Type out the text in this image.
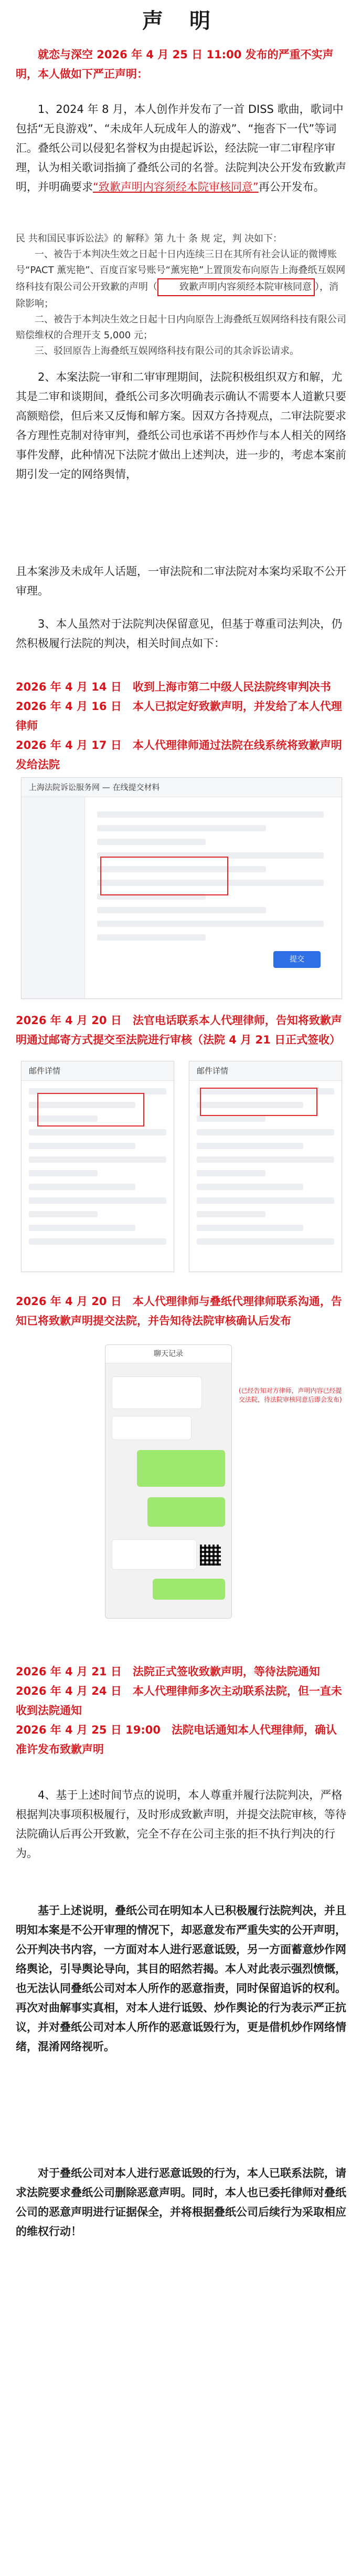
声 明
就恋与深空 2026 年 4 月 25 日 11:00 发布的严重不实声明，本人做如下严正声明：
1、2024 年 8 月，本人创作并发布了一首 DISS 歌曲，歌词中包括“无良游戏”、“未成年人玩成年人的游戏”、“拖沓下一代”等词汇。叠纸公司以侵犯名誉权为由提起诉讼，经法院一审二审程序审理，认为相关歌词指摘了叠纸公司的名誉。法院判决公开发布致歉声明，并明确要求“致歉声明内容须经本院审核同意”再公开发布。
民 共和国民事诉讼法》的 解释》第 九十 条 规 定，判 决如下：
一、被告于本判决生效之日起十日内连续三日在其所有社会认证的微博账号“PACT 薰宪艳”、百度百家号账号“薰宪艳”上置顶发布向原告上海叠纸互娱网络科技有限公司公开致歉的声明（ 致歉声明内容须经本院审核同意 ），消除影响；
二、被告于本判决生效之日起十日内向原告上海叠纸互娱网络科技有限公司赔偿维权的合理开支 5,000 元；
三、驳回原告上海叠纸互娱网络科技有限公司的其余诉讼请求。
2、本案法院一审和二审审理期间，法院积极组织双方和解，尤其是二审和谈期间，叠纸公司多次明确表示确认不需要本人道歉只要高额赔偿，但后来又反悔和解方案。因双方各持观点，二审法院要求各方理性克制对待审判，叠纸公司也承诺不再炒作与本人相关的网络事件发酵，此种情况下法院才做出上述判决，进一步的，考虑本案前期引发一定的网络舆情，
且本案涉及未成年人话题，一审法院和二审法院对本案均采取不公开审理。
3、本人虽然对于法院判决保留意见，但基于尊重司法判决，仍然积极履行法院的判决，相关时间点如下：
2026 年 4 月 14 日　收到上海市第二中级人民法院终审判决书
2026 年 4 月 16 日　本人已拟定好致歉声明，并发给了本人代理律师
2026 年 4 月 17 日　本人代理律师通过法院在线系统将致歉声明发给法院
上海法院诉讼服务网 — 在线提交材料
提交
2026 年 4 月 20 日　法官电话联系本人代理律师，告知将致歉声明通过邮寄方式提交至法院进行审核（法院 4 月 21 日正式签收）
邮件详情	邮件详情
2026 年 4 月 20 日　本人代理律师与叠纸代理律师联系沟通，告知已将致歉声明提交法院，并告知待法院审核确认后发布
聊天记录
(已经告知对方律师，声明内容已经提交法院，待法院审核同意后即会发布)
2026 年 4 月 21 日　法院正式签收致歉声明，等待法院通知
2026 年 4 月 24 日　本人代理律师多次主动联系法院，但一直未收到法院通知
2026 年 4 月 25 日 19:00　法院电话通知本人代理律师，确认准许发布致歉声明
4、基于上述时间节点的说明，本人尊重并履行法院判决，严格根据判决事项积极履行，及时形成致歉声明，并提交法院审核，等待法院确认后再公开致歉，完全不存在公司主张的拒不执行判决的行为。
基于上述说明，叠纸公司在明知本人已积极履行法院判决，并且明知本案是不公开审理的情况下，却恶意发布严重失实的公开声明，公开判决书内容，一方面对本人进行恶意诋毁，另一方面蓄意炒作网络舆论，引导舆论导向，其目的昭然若揭。本人对此表示强烈愤慨，也无法认同叠纸公司对本人所作的恶意指责，同时保留追诉的权利。再次对曲解事实真相，对本人进行诋毁、炒作舆论的行为表示严正抗议，并对叠纸公司对本人所作的恶意诋毁行为，更是借机炒作网络情绪，混淆网络视听。
对于叠纸公司对本人进行恶意诋毁的行为，本人已联系法院，请求法院要求叠纸公司删除恶意声明。同时，本人也已委托律师对叠纸公司的恶意声明进行证据保全，并将根据叠纸公司后续行为采取相应的维权行动！
